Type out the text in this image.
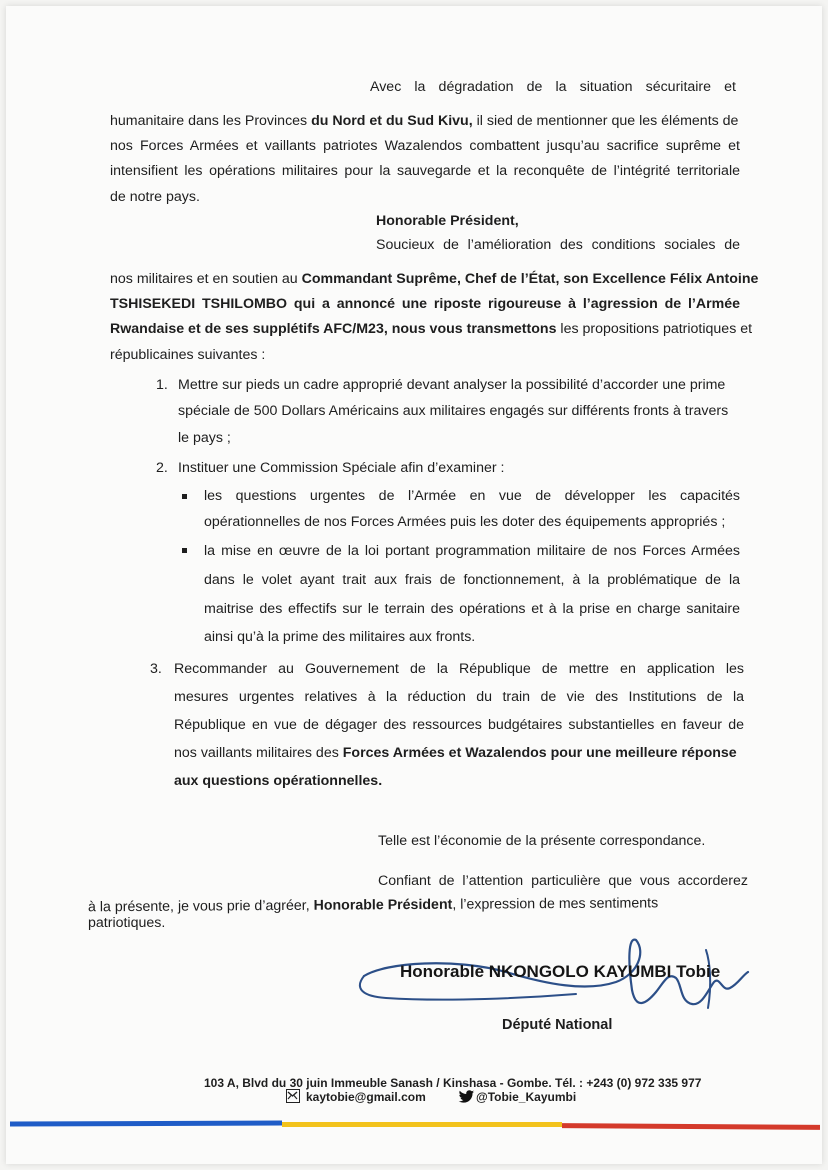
Avec la dégradation de la situation sécuritaire et
humanitaire dans les Provinces du Nord et du Sud Kivu, il sied de mentionner que les éléments de
nos Forces Armées et vaillants patriotes Wazalendos combattent jusqu’au sacrifice suprême et
intensifient les opérations militaires pour la sauvegarde et la reconquête de l’intégrité territoriale
de notre pays.
Honorable Président,
Soucieux de l’amélioration des conditions sociales de
nos militaires et en soutien au Commandant Suprême, Chef de l’État, son Excellence Félix Antoine
TSHISEKEDI TSHILOMBO qui a annoncé une riposte rigoureuse à l’agression de l’Armée
Rwandaise et de ses supplétifs AFC/M23, nous vous transmettons les propositions patriotiques et
républicaines suivantes :
1. Mettre sur pieds un cadre approprié devant analyser la possibilité d’accorder une prime
spéciale de 500 Dollars Américains aux militaires engagés sur différents fronts à travers
le pays ;
2. Instituer une Commission Spéciale afin d’examiner :
les questions urgentes de l’Armée en vue de développer les capacités
opérationnelles de nos Forces Armées puis les doter des équipements appropriés ;
la mise en œuvre de la loi portant programmation militaire de nos Forces Armées
dans le volet ayant trait aux frais de fonctionnement, à la problématique de la
maitrise des effectifs sur le terrain des opérations et à la prise en charge sanitaire
ainsi qu’à la prime des militaires aux fronts.
3. Recommander au Gouvernement de la République de mettre en application les
mesures urgentes relatives à la réduction du train de vie des Institutions de la
République en vue de dégager des ressources budgétaires substantielles en faveur de
nos vaillants militaires des Forces Armées et Wazalendos pour une meilleure réponse
aux questions opérationnelles.
Telle est l’économie de la présente correspondance.
Confiant de l’attention particulière que vous accorderez
à la présente, je vous prie d’agréer, Honorable Président, l’expression de mes sentiments
patriotiques.
Honorable NKONGOLO KAYUMBI Tobie
Député National
103 A, Blvd du 30 juin Immeuble Sanash / Kinshasa - Gombe. Tél. : +243 (0) 972 335 977
kaytobie@gmail.com	@Tobie_Kayumbi
